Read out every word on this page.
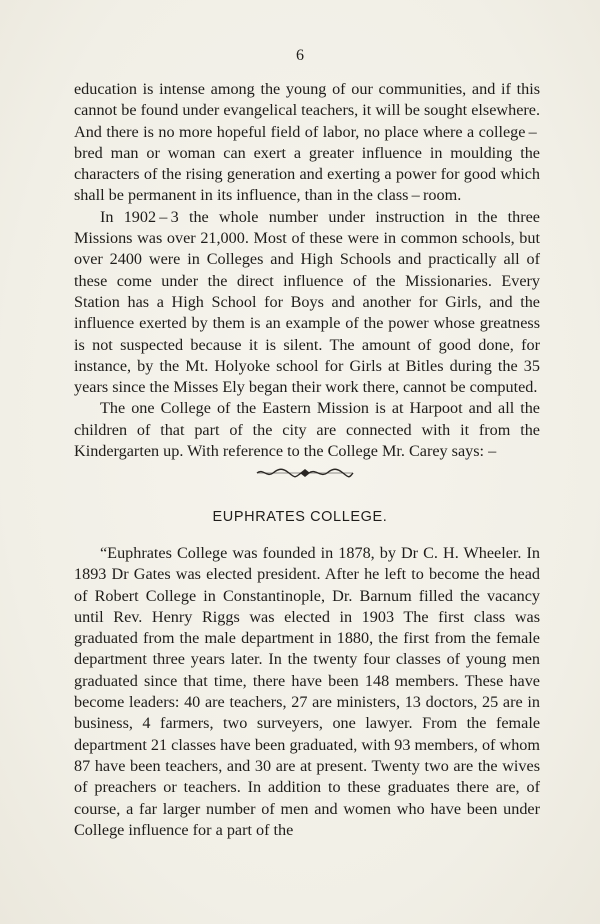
6

education is intense among the young of our communities, and if this cannot be found under evangelical teachers, it will be sought elsewhere. And there is no more hopeful field of labor, no place where a college – bred man or woman can exert a greater influence in moulding the characters of the rising generation and exerting a power for good which shall be permanent in its influence, than in the class – room.

In 1902 – 3 the whole number under instruction in the three Missions was over 21,000. Most of these were in common schools, but over 2400 were in Colleges and High Schools and practically all of these come under the direct influence of the Missionaries. Every Station has a High School for Boys and another for Girls, and the influence exerted by them is an example of the power whose greatness is not suspected because it is silent. The amount of good done, for instance, by the Mt. Holyoke school for Girls at Bitles during the 35 years since the Misses Ely began their work there, cannot be computed.

The one College of the Eastern Mission is at Harpoot and all the children of that part of the city are connected with it from the Kindergarten up. With reference to the College Mr. Carey says: –

EUPHRATES COLLEGE.

“Euphrates College was founded in 1878, by Dr C. H. Wheeler. In 1893 Dr Gates was elected president. After he left to become the head of Robert College in Constantinople, Dr. Barnum filled the vacancy until Rev. Henry Riggs was elected in 1903 The first class was graduated from the male department in 1880, the first from the female department three years later. In the twenty four classes of young men graduated since that time, there have been 148 members. These have become leaders: 40 are teachers, 27 are ministers, 13 doctors, 25 are in business, 4 farmers, two surveyers, one lawyer. From the female department 21 classes have been graduated, with 93 members, of whom 87 have been teachers, and 30 are at present. Twenty two are the wives of preachers or teachers. In addition to these graduates there are, of course, a far larger number of men and women who have been under College influence for a part of the
